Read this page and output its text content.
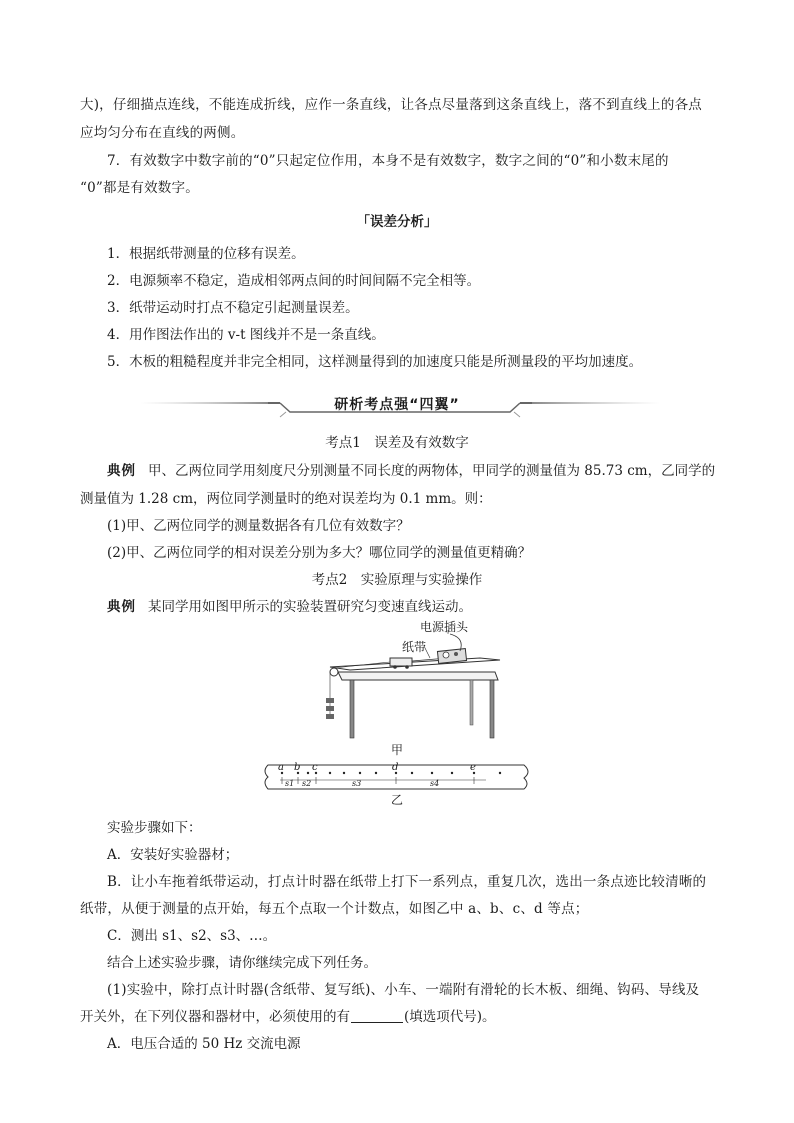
大)，仔细描点连线，不能连成折线，应作一条直线，让各点尽量落到这条直线上，落不到直线上的各点
应均匀分布在直线的两侧。
7．有效数字中数字前的“0”只起定位作用，本身不是有效数字，数字之间的“0”和小数末尾的
“0”都是有效数字。
「误差分析」
1．根据纸带测量的位移有误差。
2．电源频率不稳定，造成相邻两点间的时间间隔不完全相等。
3．纸带运动时打点不稳定引起测量误差。
4．用作图法作出的 v-t 图线并不是一条直线。
5．木板的粗糙程度并非完全相同，这样测量得到的加速度只能是所测量段的平均加速度。
研析考点强“四翼”
考点1　误差及有效数字
典例 甲、乙两位同学用刻度尺分别测量不同长度的两物体，甲同学的测量值为 85.73 cm，乙同学的
测量值为 1.28 cm，两位同学测量时的绝对误差均为 0.1 mm。则：
(1)甲、乙两位同学的测量数据各有几位有效数字？
(2)甲、乙两位同学的相对误差分别为多大？哪位同学的测量值更精确？
考点2　实验原理与实验操作
典例 某同学用如图甲所示的实验装置研究匀变速直线运动。
电源插头
纸带
甲
a b c	d	e
s1 s2	s3	s4
乙
实验步骤如下：
A．安装好实验器材；
B．让小车拖着纸带运动，打点计时器在纸带上打下一系列点，重复几次，选出一条点迹比较清晰的
纸带，从便于测量的点开始，每五个点取一个计数点，如图乙中 a、b、c、d 等点；
C．测出 s1、s2、s3、…。
结合上述实验步骤，请你继续完成下列任务。
(1)实验中，除打点计时器(含纸带、复写纸)、小车、一端附有滑轮的长木板、细绳、钩码、导线及
开关外，在下列仪器和器材中，必须使用的有	(填选项代号)。
A．电压合适的 50 Hz 交流电源
